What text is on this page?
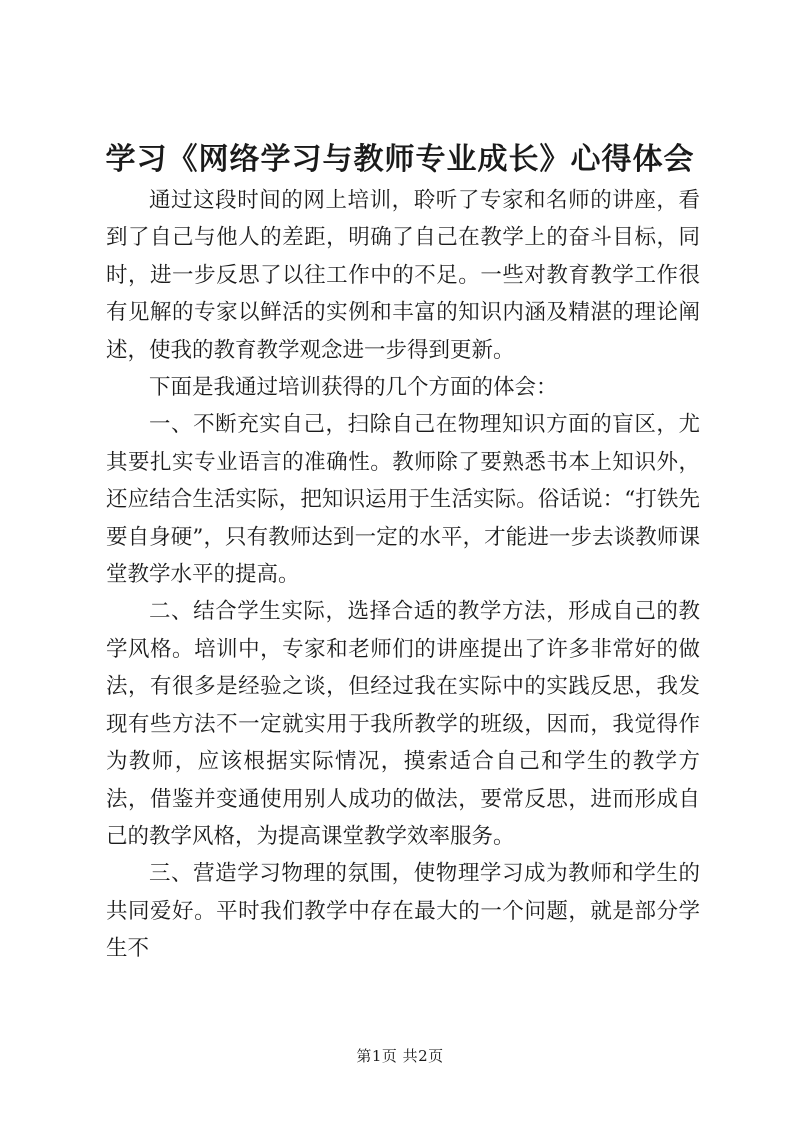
学习《网络学习与教师专业成长》心得体会

通过这段时间的网上培训，聆听了专家和名师的讲座，看到了自己与他人的差距，明确了自己在教学上的奋斗目标，同时，进一步反思了以往工作中的不足。一些对教育教学工作很有见解的专家以鲜活的实例和丰富的知识内涵及精湛的理论阐述，使我的教育教学观念进一步得到更新。

下面是我通过培训获得的几个方面的体会：

一、不断充实自己，扫除自己在物理知识方面的盲区，尤其要扎实专业语言的准确性。教师除了要熟悉书本上知识外，还应结合生活实际，把知识运用于生活实际。俗话说：“打铁先要自身硬”，只有教师达到一定的水平，才能进一步去谈教师课堂教学水平的提高。

二、结合学生实际，选择合适的教学方法，形成自己的教学风格。培训中，专家和老师们的讲座提出了许多非常好的做法，有很多是经验之谈，但经过我在实际中的实践反思，我发现有些方法不一定就实用于我所教学的班级，因而，我觉得作为教师，应该根据实际情况，摸索适合自己和学生的教学方法，借鉴并变通使用别人成功的做法，要常反思，进而形成自己的教学风格，为提高课堂教学效率服务。

三、营造学习物理的氛围，使物理学习成为教师和学生的共同爱好。平时我们教学中存在最大的一个问题，就是部分学生不

第1页 共2页
